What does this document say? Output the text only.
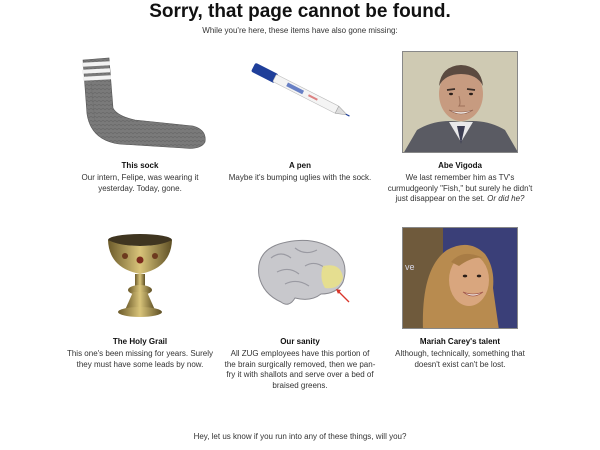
Sorry, that page cannot be found.

While you're here, these items have also gone missing:

This sock
Our intern, Felipe, was wearing it yesterday. Today, gone.
A pen
Maybe it's bumping uglies with the sock.
Abe Vigoda
We last remember him as TV's curmudgeonly "Fish," but surely he didn't just disappear on the set. Or did he?
The Holy Grail
This one's been missing for years. Surely they must have some leads by now.
Our sanity
All ZUG employees have this portion of the brain surgically removed, then we pan-fry it with shallots and serve over a bed of braised greens.
ve
Mariah Carey's talent
Although, technically, something that doesn't exist can't be lost.

Hey, let us know if you run into any of these things, will you?
